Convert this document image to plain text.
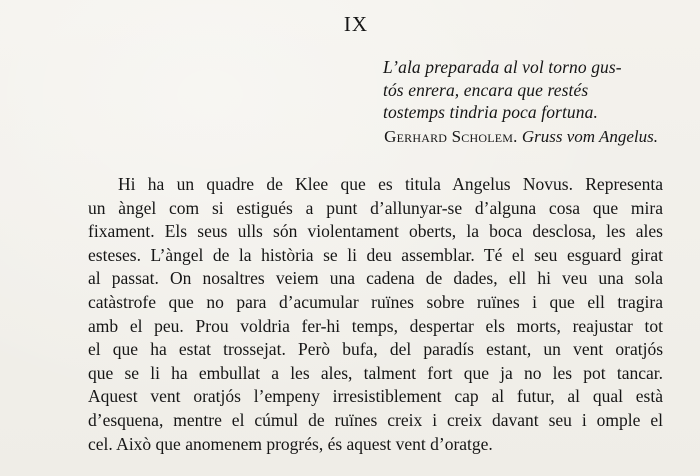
IX
L’ala preparada al vol torno gus-
tós enrera, encara que restés
tostemps tindria poca fortuna.
Gerhard Scholem. Gruss vom Angelus.
Hi ha un quadre de Klee que es titula Angelus Novus. Representa
un àngel com si estigués a punt d’allunyar-se d’alguna cosa que mira
fixament. Els seus ulls són violentament oberts, la boca desclosa, les ales
esteses. L’àngel de la història se li deu assemblar. Té el seu esguard girat
al passat. On nosaltres veiem una cadena de dades, ell hi veu una sola
catàstrofe que no para d’acumular ruïnes sobre ruïnes i que ell tragira
amb el peu. Prou voldria fer-hi temps, despertar els morts, reajustar tot
el que ha estat trossejat. Però bufa, del paradís estant, un vent oratjós
que se li ha embullat a les ales, talment fort que ja no les pot tancar.
Aquest vent oratjós l’empeny irresistiblement cap al futur, al qual està
d’esquena, mentre el cúmul de ruïnes creix i creix davant seu i omple el
cel. Això que anomenem progrés, és aquest vent d’oratge.
